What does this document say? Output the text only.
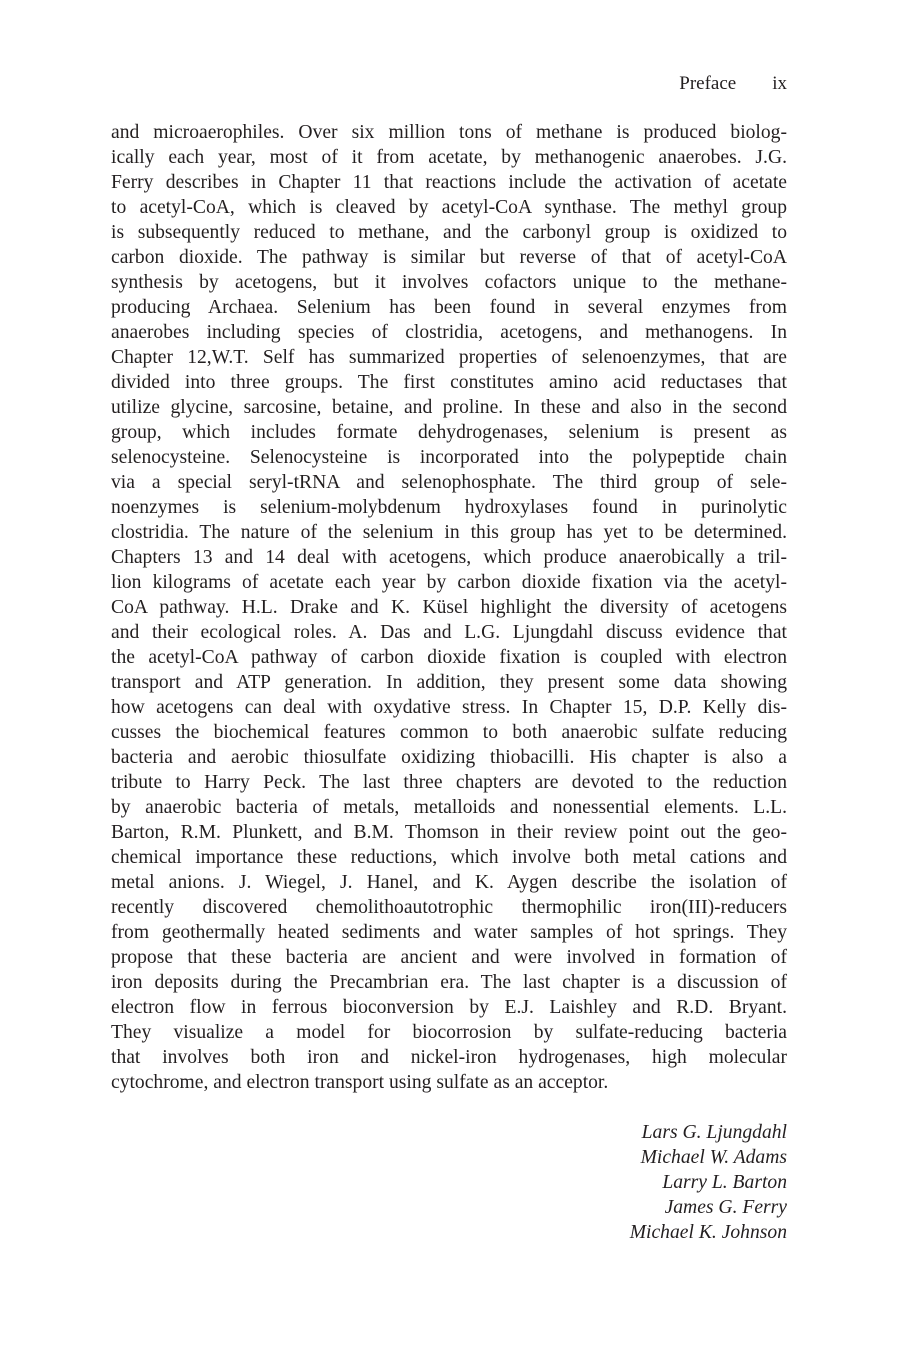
Preface ix
and microaerophiles. Over six million tons of methane is produced biolog-
ically each year, most of it from acetate, by methanogenic anaerobes. J.G.
Ferry describes in Chapter 11 that reactions include the activation of acetate
to acetyl-CoA, which is cleaved by acetyl-CoA synthase. The methyl group
is subsequently reduced to methane, and the carbonyl group is oxidized to
carbon dioxide. The pathway is similar but reverse of that of acetyl-CoA
synthesis by acetogens, but it involves cofactors unique to the methane-
producing Archaea. Selenium has been found in several enzymes from
anaerobes including species of clostridia, acetogens, and methanogens. In
Chapter 12,W.T. Self has summarized properties of selenoenzymes, that are
divided into three groups. The first constitutes amino acid reductases that
utilize glycine, sarcosine, betaine, and proline. In these and also in the second
group, which includes formate dehydrogenases, selenium is present as
selenocysteine. Selenocysteine is incorporated into the polypeptide chain
via a special seryl-tRNA and selenophosphate. The third group of sele-
noenzymes is selenium-molybdenum hydroxylases found in purinolytic
clostridia. The nature of the selenium in this group has yet to be determined.
Chapters 13 and 14 deal with acetogens, which produce anaerobically a tril-
lion kilograms of acetate each year by carbon dioxide fixation via the acetyl-
CoA pathway. H.L. Drake and K. Küsel highlight the diversity of acetogens
and their ecological roles. A. Das and L.G. Ljungdahl discuss evidence that
the acetyl-CoA pathway of carbon dioxide fixation is coupled with electron
transport and ATP generation. In addition, they present some data showing
how acetogens can deal with oxydative stress. In Chapter 15, D.P. Kelly dis-
cusses the biochemical features common to both anaerobic sulfate reducing
bacteria and aerobic thiosulfate oxidizing thiobacilli. His chapter is also a
tribute to Harry Peck. The last three chapters are devoted to the reduction
by anaerobic bacteria of metals, metalloids and nonessential elements. L.L.
Barton, R.M. Plunkett, and B.M. Thomson in their review point out the geo-
chemical importance these reductions, which involve both metal cations and
metal anions. J. Wiegel, J. Hanel, and K. Aygen describe the isolation of
recently discovered chemolithoautotrophic thermophilic iron(III)-reducers
from geothermally heated sediments and water samples of hot springs. They
propose that these bacteria are ancient and were involved in formation of
iron deposits during the Precambrian era. The last chapter is a discussion of
electron flow in ferrous bioconversion by E.J. Laishley and R.D. Bryant.
They visualize a model for biocorrosion by sulfate-reducing bacteria
that involves both iron and nickel-iron hydrogenases, high molecular
cytochrome, and electron transport using sulfate as an acceptor.
Lars G. Ljungdahl
Michael W. Adams
Larry L. Barton
James G. Ferry
Michael K. Johnson
